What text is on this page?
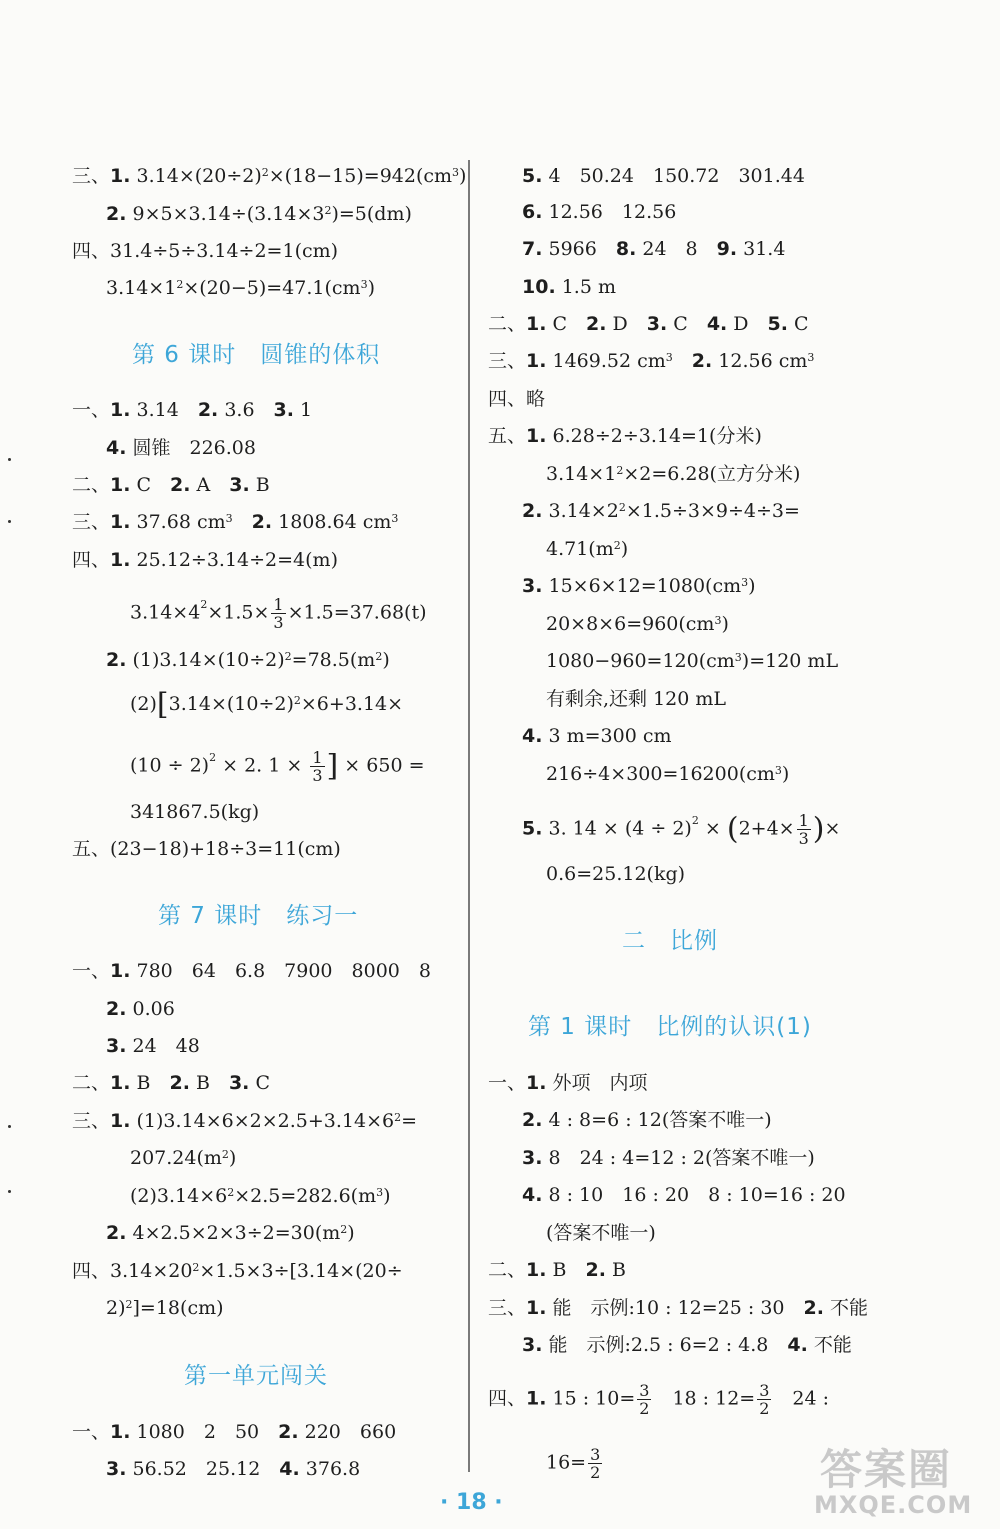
三、1. $3.14\times(20\div 2)^2\times(18-15)=942(cm^3)$
2. $9\times 5\times 3.14\div(3.14\times 3^2)=5(dm)$
四、31.4÷5÷3.14÷2=1(cm)
$3.14\times 1^2\times(20-5)=47.1(cm^3)$
第 6 课时　圆锥的体积
一、1. 3.14　2. 3.6　3. 1
4. 圆锥　226.08
二、1. C　2. A　3. B
三、1. 37.68 $cm^3$　 2. 1808.64 $cm^3$
四、1. 25.12÷3.14÷2=4(m)
$3.14\times 4^2\times 1.5\times \frac{1}{3} \times 1.5=37.68(t)$
2. $(1)3.14\times(10\div 2)^2=78.5(m^2)$
$(2)[3.14\times(10\div 2)^2\times 6+3.14\times$
$(10 \div 2)^2 \times 2$. $1 \times \frac{1}{3}$ ] × 650 =
341867.5(kg)
五、(23−18)+18÷3=11(cm)
第 7 课时　练习一
一、1. 780　64　6.8　7900　8000　8
2. 0.06
3. 24　48
二、1. B　2. B　3. C
三、1. $(1)3.14\times 6\times 2\times 2.5+3.14\times 6^2=$
$207.24(m^2)$
$(2)3.14\times 6^2\times 2.5=282.6(m^3)$
2. $4\times 2.5\times 2\times 3\div 2=30(m^2)$
四、$3.14\times 20^2\times 1.5\times 3\div[3.14\times(20\div$
2)$^2$]=18(cm)
第一单元闯关
一、1. 1080　2　50　2. 220　660
3. 56.52　25.12　4. 376.8
5. 4　50.24　150.72　301.44
6. 12.56　12.56
7. 5966　8. 24　8　9. 31.4
10. 1.5 m
二、1. C　2. D　3. C　4. D　5. C
三、1. 1469.52 $cm^3$　 2. 12.56 $cm^3$
四、略
五、1. 6.28÷2÷3.14=1(分米)
$3.14\times 1^2\times 2=6.28$(立方分米)
2. $3.14\times 2^2\times 1.5\div 3\times 9\div 4\div 3=$
$4.71(m^2)$
3. $15\times 6\times 12=1080(cm^3)$
$20\times 8\times 6=960(cm^3)$
$1080-960=120(cm^3)=120$ mL
有剩余,还剩 120 mL
4. 3 m=300 cm
$216\div 4\times 300=16200(cm^3)$
5. 3. $14 \times (4 \div 2)^2 \times (2+4\times \frac{1}{3}$ )×
0.6=25.12(kg)
二　比例
第 1 课时　比例的认识(1)
一、1. 外项　内项
2. 4 : 8=6 : 12(答案不唯一)
3. 8　24 : 4=12 : 2(答案不唯一)
4. 8 : 10　16 : 20　8 : 10=16 : 20
(答案不唯一)
二、1. B　2. B
三、1. 能　示例:10 : 12=25 : 30　2. 不能
3. 能　示例:2.5 : 6=2 : 4.8　4. 不能
四、1. 15 : $10= \frac{3}{2}$ 　18 : $12= \frac{3}{2}$ 　24 :
$16= \frac{3}{2}$
· 18 ·
答案圈
MXQE.COM
